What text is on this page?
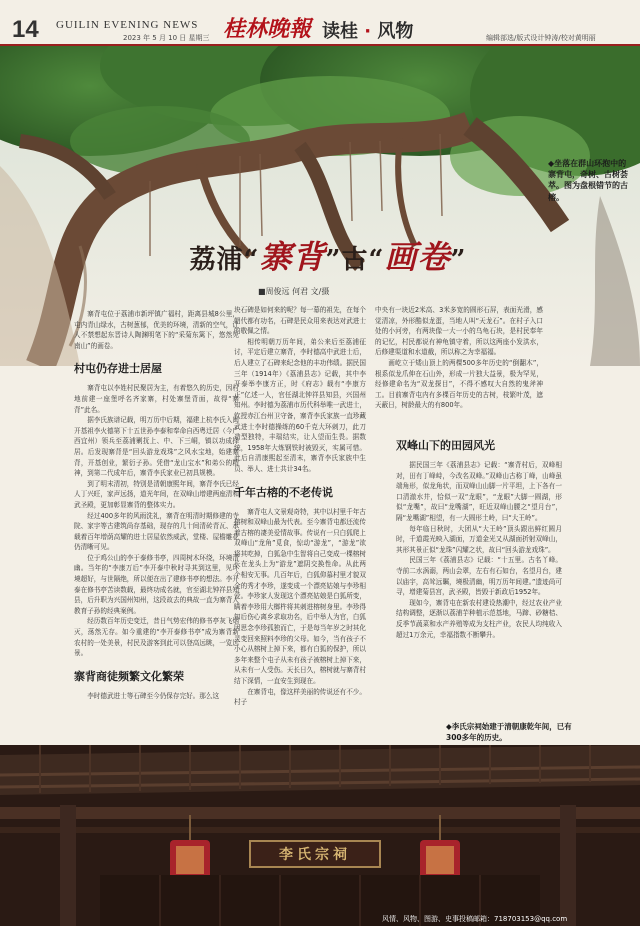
14 GUILIN EVENING NEWS
2023 年 5 月 10 日 星期三 桂林晚報 读桂 · 风物	编辑部选/版式设计钟涛/校对黄明丽
荔浦“寨背”古“画卷”
◆坐落在群山环抱中的寨背屯，奇树、古树荟萃。图为盘根错节的古榕。
■周俊远 何君 文/摄

寨背屯位于荔浦市新坪镇广福村，距离县城8公里，屯内青山绿水，古树葱郁，优美的环境，清新的空气，让人不禁想起东晋诗人陶渊明笔下的“采菊东篱下，悠然见南山”的画卷。

村屯仍存进士居屋

寨背屯以李姓村民聚居为主，有着悠久的历史，因村地前建一座堡呼名齐家寨，村处寨堡背面，故得“寨背”此名。

据李氏族谱记载，明万历中后期，福建上杭李氏入闽开基祖李火德第下十五世孙李泰和奉命自西粤迁居（今广西宜州）领兵至荔浦剿抚上、中、下三峒，镇以功成择居。后发现寨背是“回头游龙戏珠”之风水宝地，始建寨背，开基创业，繁衍子孙。凭借“龙山宝水”和弟公的精神，到第二代成年后，寨背李氏家业已初具规模。

到了明末清初，特别是清朝康熙年间，寨背李氏已经人丁兴旺，家声远扬，道光年间，在双峰山增建两座清和武圣殿，更加彰显寨背的整体实力。

经过400多年的风雨洗礼，寨背在明清时期修建的寺院、家宇等古建筑尚存基础，现存的几十间清砖青瓦、承载着百年增荫高耀的进士居屋依然威武，堂楼、屋檐雕花仍清晰可见。

位于鸡公山的李于泰修书亭，四周树木环绕，环境清幽。当年的“李康万后”李开泰中秋时寻其到这里，见环境超好，与世隔绝，所以便在出了建修书亭的想法。李开泰在修书亭苦读数载，最终功成名就，官至湖北钟祥县知县，后升职为兴国州知州，这段故去的典故一直为寨背人教育子孙的经典案例。

经历数百年历史变迁，昔日气势宏伟的修书亭灰飞烟灭，荡然无存。如今重建的“李开泰修书亭”成为寨背新农村的一处美景，村民及游客到此可以登高远眺，一览远景。

寨背商徒频繁文化繁荣

李时德武进士等石碑至今仍保存完好。那么这

块石碑是如何来的呢？每一幕的祖先，在每个朝代都有功名，石碑是民众用来表达对武进士的敬佩之情。

相传明朝万历年间，弟公来后至荔浦征讨，平定后建立寨背，李时德高中武进士后，后人建立了石碑来纪念他的丰功伟绩。据民国三年（1914年）《荔浦县志》记载，其中李开泰举李康方正，时《府志》载有“李康方正”亿述一人，官任湖北钟祥县知县，兴国州知州。李时德为荔浦市历代科举唯一武进士，钦授赤江台州卫守备，寨背李氏家族一直珍藏武进士李时德操练的60千克大环刺刀，此刀造型独特，丰瑞结实，让人望而生畏。据数统，1958年大炼钢铁时被毁灭，实属可惜。此后自清康熙起至清末，寨背李氏家族中生员、举人、进士共计34名。

千年古榕的不老传说

寨背屯人文景观奇特，其中以村里千年古榕树和双峰山最为代表。至今寨背屯都还流传着古榕的凄美爱情故事。传说有一只白狐爬上双峰山“龙角”觅食，惊动“游龙”，“游龙”欲将其吃掉，白狐急中生智将自己变成一棵榕树长在龙头上为“游龙”遮阴交换性命。从此两个相安无事。几百年后，白狐仰慕村里才貌双全的秀才李珍，遂变成一个漂亮姑娘与李珍相爱。李珍家人发现这个漂亮姑娘是白狐所变，瞒着李珍用大榔杵将其刺进榕树身里。李珍得知后伤心离乡求取功名，后中举人为官，白狐因思念李珍孤独而亡，于是每当年岁之时其化灵变回来照料李珍的父母。如今，当有孩子不小心从榕树上掉下来，都有白狐的保护，所以多年来整个屯子从未有孩子被榕树上掉下来，从未有一人受伤。天长日久，榕树就与寨背村结下深情，一直安生到现在。

在寨背屯，像这样美丽的传说还有不少。村子

中央有一块近2米高、3米多宽的圆形石屏，表面光滑，感觉清凉，外形酷似龙蛋，当地人叫“天龙石”。在村子入口处的小河旁，有两块像一大一小的乌龟石块，是村民奉年的记忆，村民都说有神龟镇守着，所以这两座小发洪水，后修建渠道和水道截，所以称之为幸福福。

画屹立于矮山顶上的两棵500多年历史的“倒翻木”，根系似龙爪伸在石山外，形成一片独大益景，极为罕见，经修建命名为“双龙探目”，不得不感叹大自然的鬼斧神工。目前寨背屯内有多棵百年历史的古树，枝繁叶茂，遮天蔽日，树龄最大的有800年。

双峰山下的田园风光

据民国三年《荔浦县志》记载：“寨背村后，双峰相对，田有丁峰峙，今改名双峰。”双峰山古称丁峰，山峰虽端角形，似龙角状，而双峰山山脚一片平坦，上下各有一口清澈水井，恰似一双“龙眼”，“龙眼”大脚一圆湖，形似“龙嘴”，故曰“龙嘴湖”，旺近双峰山腰之“望月台”，隔“龙嘴湖”相望，有一大圆形土岭，曰“大王岭”。

每年临日秋时，大团从“大王岭”顶头跟出鲜红圆月时，千道霞光映入湖面，万道金光又从湖面折射双峰山，其形其景正似“龙珠”闪耀之状，故曰“回头游龙戏珠”。

民国三年《荔浦县志》记载：“十五里。古名丫峰。寺前二水涡溺，两山会翠，左右有石如台，名望月台，建以庙宇，高耸远瞩，境极清幽，明万历年间建。”遗迹尚可寻，增建菊县宫，武圣殿，皆毁于新政后1952年。

现如今，寨背屯在新农村建设热潮中，经过农业产业结构调整，逐渐以荔浦芋种植示范基地，马蹄、砂糖桔、反季节蔬菜和水产养殖等成为支柱产业，农民人均纯收入超过1万余元，幸福指数不断攀升。

◆李氏宗祠始建于清朝康乾年间，已有300多年的历史。
李氏宗祠
风情、风物、图游、史事投稿邮箱：718703153@qq.com
